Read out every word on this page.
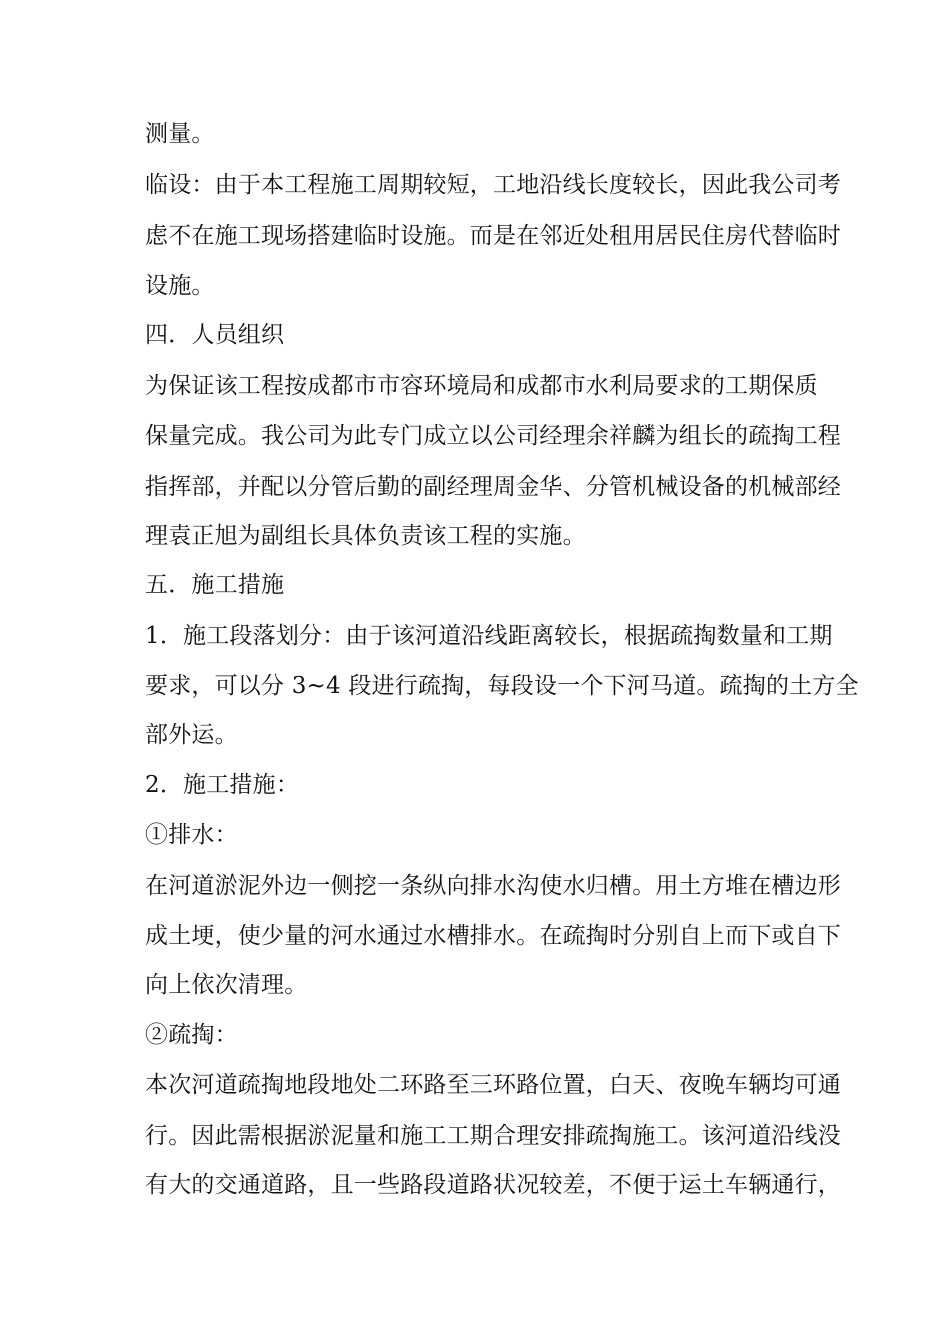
测量。
临设：由于本工程施工周期较短，工地沿线长度较长，因此我公司考
虑不在施工现场搭建临时设施。而是在邻近处租用居民住房代替临时
设施。
四．人员组织
为保证该工程按成都市市容环境局和成都市水利局要求的工期保质
保量完成。我公司为此专门成立以公司经理余祥麟为组长的疏掏工程
指挥部，并配以分管后勤的副经理周金华、分管机械设备的机械部经
理袁正旭为副组长具体负责该工程的实施。
五．施工措施
1．施工段落划分：由于该河道沿线距离较长，根据疏掏数量和工期
要求，可以分 3~4 段进行疏掏，每段设一个下河马道。疏掏的土方全
部外运。
2．施工措施：
①排水：
在河道淤泥外边一侧挖一条纵向排水沟使水归槽。用土方堆在槽边形
成土埂，使少量的河水通过水槽排水。在疏掏时分别自上而下或自下
向上依次清理。
②疏掏：
本次河道疏掏地段地处二环路至三环路位置，白天、夜晚车辆均可通
行。因此需根据淤泥量和施工工期合理安排疏掏施工。该河道沿线没
有大的交通道路，且一些路段道路状况较差，不便于运土车辆通行，
